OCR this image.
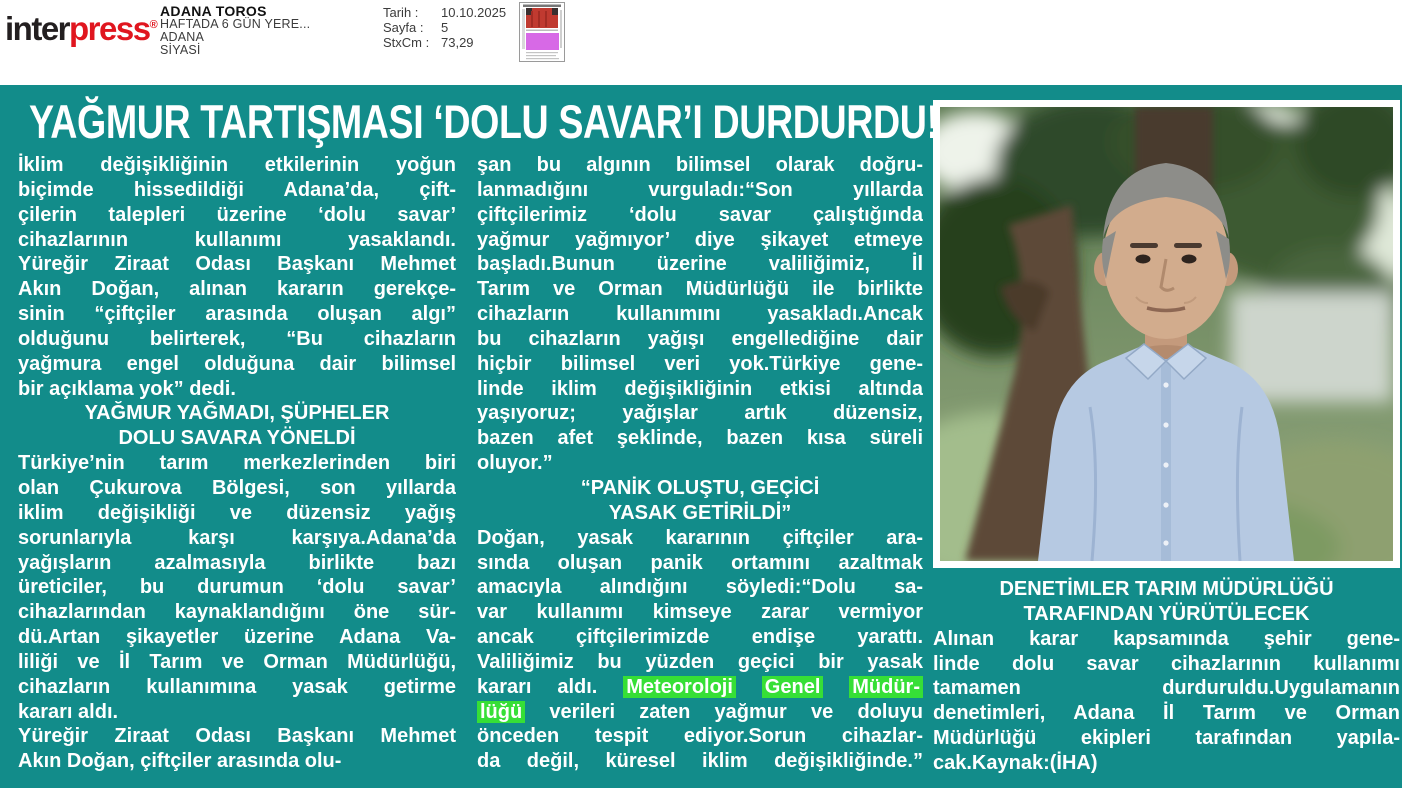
interpress®
ADANA TOROS
HAFTADA 6 GÜN YERE...
ADANA
SİYASİ
Tarih :	10.10.2025
Sayfa :	5
StxCm : 73,29
YAĞMUR TARTIŞMASI ‘DOLU SAVAR’I DURDURDU!
İklim değişikliğinin etkilerinin yoğun
biçimde hissedildiği Adana’da, çift-
çilerin talepleri üzerine ‘dolu savar’
cihazlarının kullanımı yasaklandı.
Yüreğir Ziraat Odası Başkanı Mehmet
Akın Doğan, alınan kararın gerekçe-
sinin “çiftçiler arasında oluşan algı”
olduğunu belirterek, “Bu cihazların
yağmura engel olduğuna dair bilimsel
bir açıklama yok” dedi.
YAĞMUR YAĞMADI, ŞÜPHELER
DOLU SAVARA YÖNELDİ
Türkiye’nin tarım merkezlerinden biri
olan Çukurova Bölgesi, son yıllarda
iklim değişikliği ve düzensiz yağış
sorunlarıyla karşı karşıya.Adana’da
yağışların azalmasıyla birlikte bazı
üreticiler, bu durumun ‘dolu savar’
cihazlarından kaynaklandığını öne sür-
dü.Artan şikayetler üzerine Adana Va-
liliği ve İl Tarım ve Orman Müdürlüğü,
cihazların kullanımına yasak getirme
kararı aldı.
Yüreğir Ziraat Odası Başkanı Mehmet
Akın Doğan, çiftçiler arasında olu-
şan bu algının bilimsel olarak doğru-
lanmadığını vurguladı:“Son yıllarda
çiftçilerimiz ‘dolu savar çalıştığında
yağmur yağmıyor’ diye şikayet etmeye
başladı.Bunun üzerine valiliğimiz, İl
Tarım ve Orman Müdürlüğü ile birlikte
cihazların kullanımını yasakladı.Ancak
bu cihazların yağışı engellediğine dair
hiçbir bilimsel veri yok.Türkiye gene-
linde iklim değişikliğinin etkisi altında
yaşıyoruz; yağışlar artık düzensiz,
bazen afet şeklinde, bazen kısa süreli
oluyor.”
“PANİK OLUŞTU, GEÇİCİ
YASAK GETİRİLDİ”
Doğan, yasak kararının çiftçiler ara-
sında oluşan panik ortamını azaltmak
amacıyla alındığını söyledi:“Dolu sa-
var kullanımı kimseye zarar vermiyor
ancak çiftçilerimizde endişe yarattı.
Valiliğimiz bu yüzden geçici bir yasak
kararı aldı. Meteoroloji Genel Müdür-
lüğü verileri zaten yağmur ve doluyu
önceden tespit ediyor.Sorun cihazlar-
da değil, küresel iklim değişikliğinde.”
DENETİMLER TARIM MÜDÜRLÜĞÜ
TARAFINDAN YÜRÜTÜLECEK
Alınan karar kapsamında şehir gene-
linde dolu savar cihazlarının kullanımı
tamamen durduruldu.Uygulamanın
denetimleri, Adana İl Tarım ve Orman
Müdürlüğü ekipleri tarafından yapıla-
cak.Kaynak:(İHA)
